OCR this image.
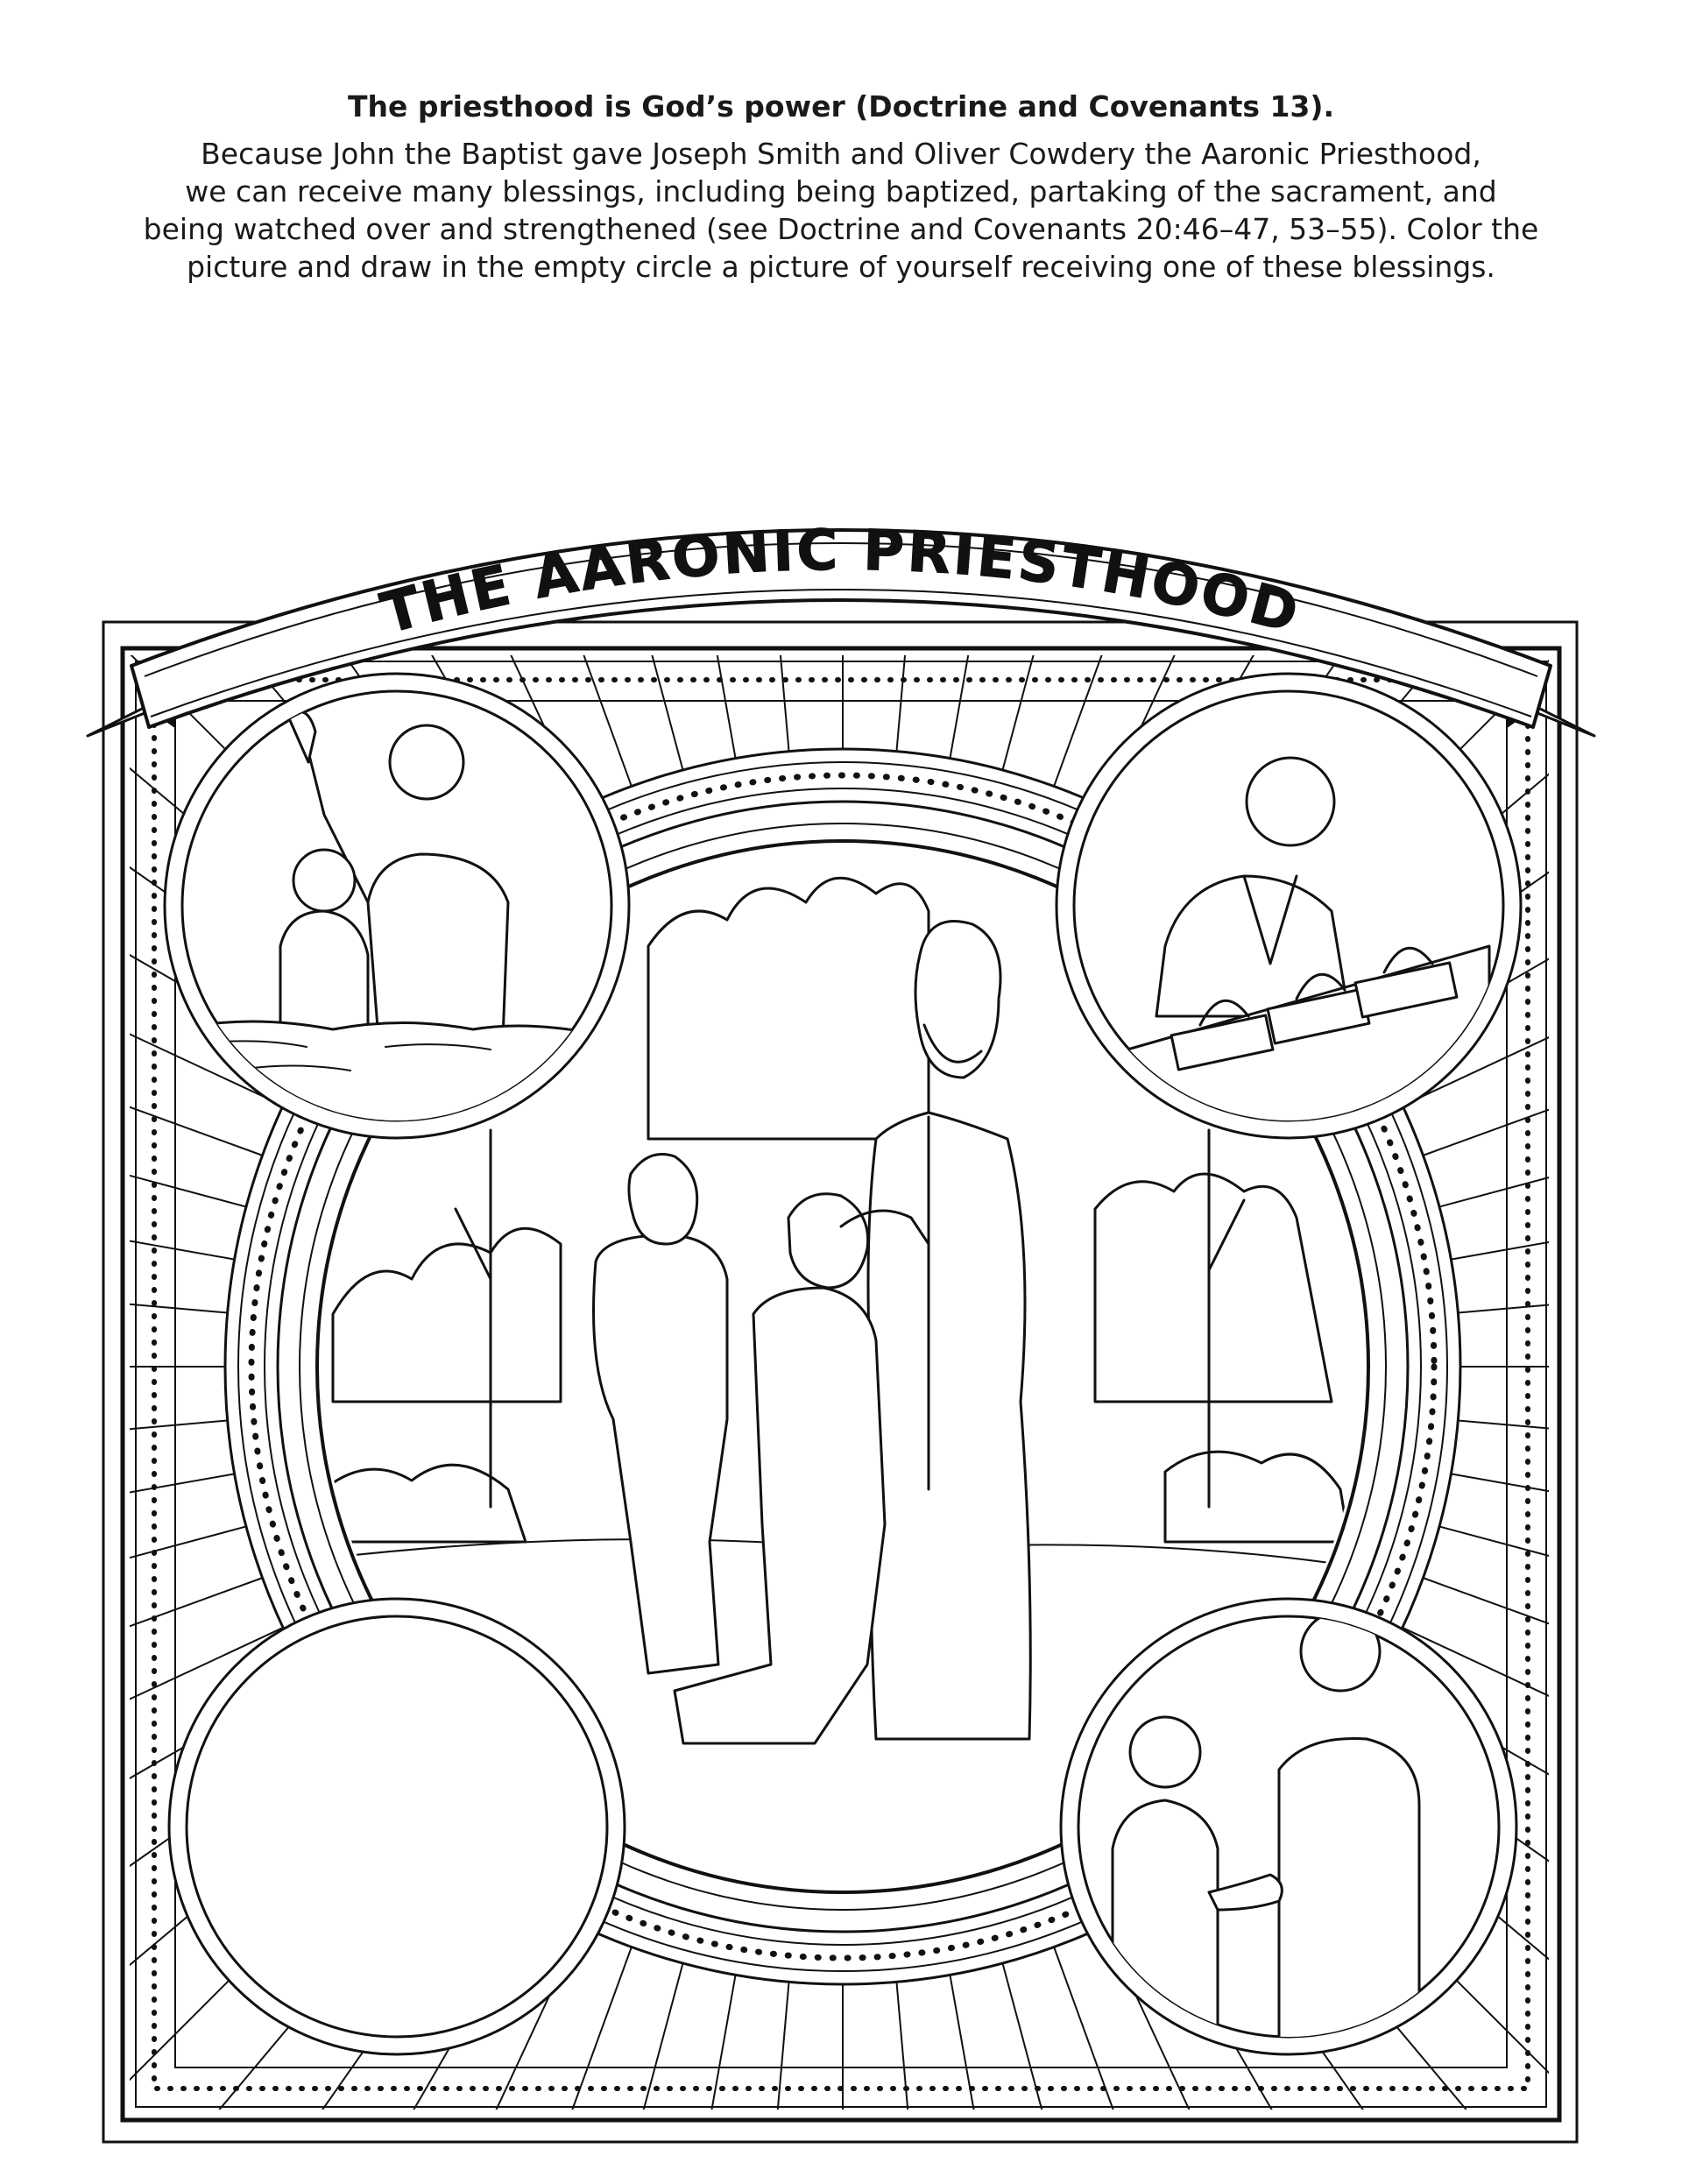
The priesthood is God’s power (Doctrine and Covenants 13).

Because John the Baptist gave Joseph Smith and Oliver Cowdery the Aaronic Priesthood,
we can receive many blessings, including being baptized, partaking of the sacrament, and
being watched over and strengthened (see Doctrine and Covenants 20:46–47, 53–55). Color the
picture and draw in the empty circle a picture of yourself receiving one of these blessings.

THE AARONIC PRIESTHOOD
